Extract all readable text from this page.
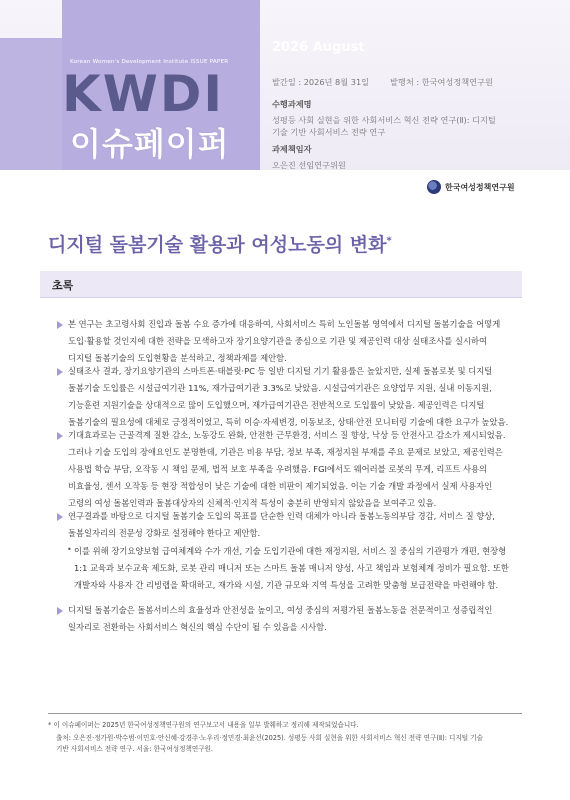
Korean Women's Development Institute ISSUE PAPER
KWDI
이슈페이퍼
2026 August
발간일 : 2026년 8월 31일	발행처 : 한국여성정책연구원
수행과제명
성평등 사회 실현을 위한 사회서비스 혁신 전략 연구(Ⅱ): 디지털
기술 기반 사회서비스 전략 연구
과제책임자
오은진 선임연구위원
한국여성정책연구원
디지털 돌봄기술 활용과 여성노동의 변화*
초록
본 연구는 초고령사회 진입과 돌봄 수요 증가에 대응하여, 사회서비스 특히 노인돌봄 영역에서 디지털 돌봄기술을 어떻게
도입·활용할 것인지에 대한 전략을 모색하고자 장기요양기관을 중심으로 기관 및 제공인력 대상 실태조사를 실시하여
디지털 돌봄기술의 도입현황을 분석하고, 정책과제를 제안함.
실태조사 결과, 장기요양기관의 스마트폰·태블릿·PC 등 일반 디지털 기기 활용률은 높았지만, 실제 돌봄로봇 및 디지털
돌봄기술 도입률은 시설급여기관 11%, 재가급여기관 3.3%로 낮았음. 시설급여기관은 요양업무 지원, 실내 이동지원,
기능훈련 지원기술을 상대적으로 많이 도입했으며, 재가급여기관은 전반적으로 도입률이 낮았음. 제공인력은 디지털
돌봄기술의 필요성에 대체로 긍정적이었고, 특히 이승·자세변경, 이동보조, 상태·안전 모니터링 기술에 대한 요구가 높았음.
기대효과로는 근골격계 질환 감소, 노동강도 완화, 안전한 근무환경, 서비스 질 향상, 낙상 등 안전사고 감소가 제시되었음.
그러나 기술 도입의 장애요인도 분명한데, 기관은 비용 부담, 정보 부족, 재정지원 부재를 주요 문제로 보았고, 제공인력은
사용법 학습 부담, 오작동 시 책임 문제, 법적 보호 부족을 우려했음. FGI에서도 웨어러블 로봇의 무게, 리프트 사용의
비효율성, 센서 오작동 등 현장 적합성이 낮은 기술에 대한 비판이 제기되었음. 이는 기술 개발 과정에서 실제 사용자인
고령의 여성 돌봄인력과 돌봄대상자의 신체적·인지적 특성이 충분히 반영되지 않았음을 보여주고 있음.
연구결과를 바탕으로 디지털 돌봄기술 도입의 목표를 단순한 인력 대체가 아니라 돌봄노동의부담 경감, 서비스 질 향상,
돌봄일자리의 전문성 강화로 설정해야 한다고 제안함.
• 이를 위해 장기요양보험 급여체계와 수가 개선, 기술 도입기관에 대한 재정지원, 서비스 질 중심의 기관평가 개편, 현장형
1:1 교육과 보수교육 제도화, 로봇 관리 매니저 또는 스마트 돌봄 매니저 양성, 사고 책임과 보험체계 정비가 필요함. 또한
개발자와 사용자 간 리빙랩을 확대하고, 재가와 시설, 기관 규모와 지역 특성을 고려한 맞춤형 보급전략을 마련해야 함.
디지털 돌봄기술은 돌봄서비스의 효율성과 안전성을 높이고, 여성 중심의 저평가된 돌봄노동을 전문적이고 성증립적인
일자리로 전환하는 사회서비스 혁신의 핵심 수단이 될 수 있음을 시사함.
* 이 이슈페이퍼는 2025년 한국여성정책연구원의 연구보고서 내용을 일부 발췌하고 정리해 제작되었습니다.
출처: 오은진·정가원·박수범·이민호·안신혜·강경주·노우리·정민경·최윤선(2025). 성평등 사회 실현을 위한 사회서비스 혁신 전략 연구(Ⅱ): 디지털 기술
기반 사회서비스 전략 연구. 서울: 한국여성정책연구원.
